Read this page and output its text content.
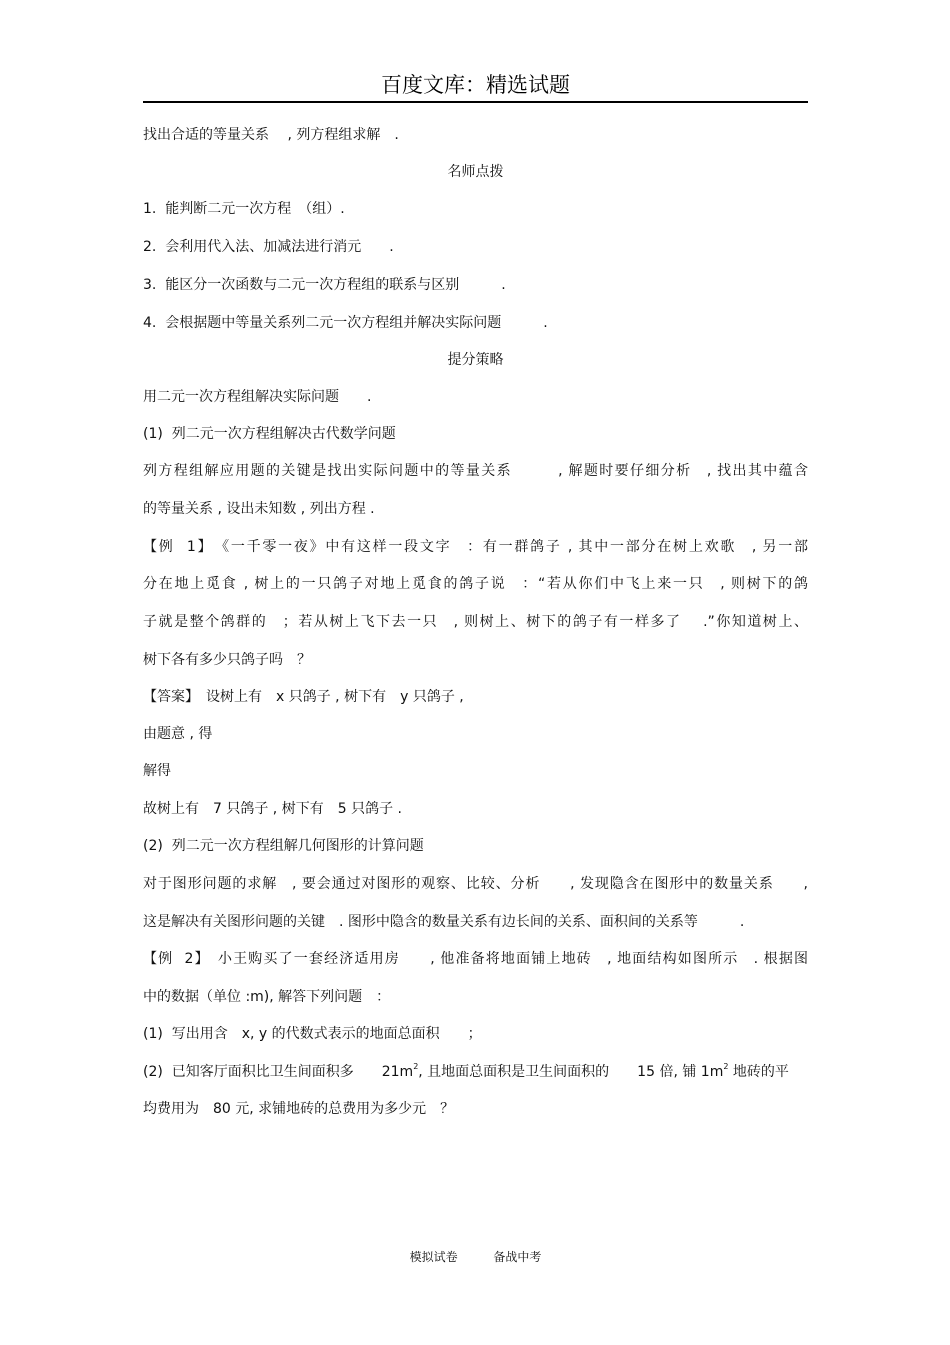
百度文库：精选试题
找出合适的等量关系　 , 列方程组求解　.
名师点拨
1.  能判断二元一次方程　（组）.
2.  会利用代入法、加减法进行消元　　.
3.  能区分一次函数与二元一次方程组的联系与区别　　　.
4.  会根据题中等量关系列二元一次方程组并解决实际问题　　　.
提分策略
用二元一次方程组解决实际问题　　.
(1)  列二元一次方程组解决古代数学问题
列方程组解应用题的关键是找出实际问题中的等量关系　　　, 解题时要仔细分析　, 找出其中蕴含
的等量关系 , 设出未知数 , 列出方程 .
【例  1】　《一千零一夜》中有这样一段文字　：有一群鸽子 , 其中一部分在树上欢歌　, 另一部
分在地上觅食 , 树上的一只鸽子对地上觅食的鸽子说　：“若从你们中飞上来一只　, 则树下的鸽
子就是整个鸽群的　；若从树上飞下去一只　, 则树上、树下的鸽子有一样多了　 .”你知道树上、
树下各有多少只鸽子吗　？
【答案】　设树上有　x 只鸽子 , 树下有　y 只鸽子 ,
由题意 , 得
解得
故树上有　7 只鸽子 , 树下有　5 只鸽子 .
(2)  列二元一次方程组解几何图形的计算问题
对于图形问题的求解　, 要会通过对图形的观察、比较、分析　　, 发现隐含在图形中的数量关系　　,
这是解决有关图形问题的关键　. 图形中隐含的数量关系有边长间的关系、面积间的关系等　　　.
【例  2】　小王购买了一套经济适用房　　, 他准备将地面铺上地砖　, 地面结构如图所示　. 根据图
中的数据（单位 :m), 解答下列问题　：
(1)  写出用含　x, y 的代数式表示的地面总面积　　；
(2)  已知客厅面积比卫生间面积多　　$21m^2$, 且地面总面积是卫生间面积的　　15 倍, 铺 $1m^2$ 地砖的平
均费用为　80 元, 求铺地砖的总费用为多少元　？
模拟试卷	备战中考
